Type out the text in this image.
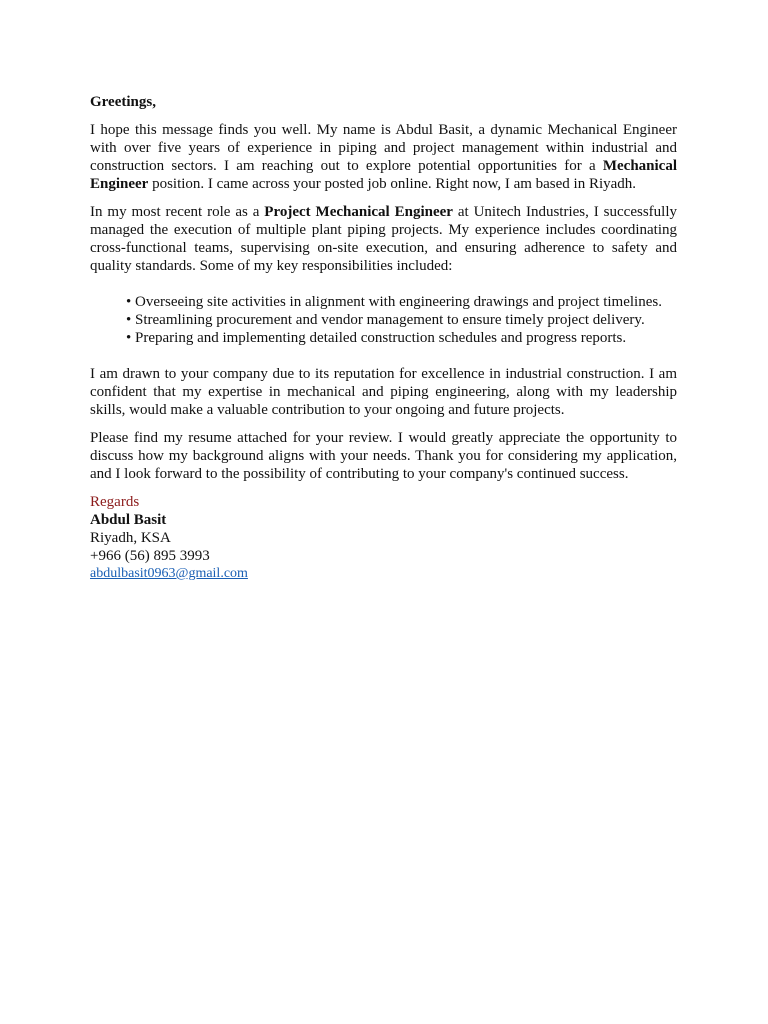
Greetings,

I hope this message finds you well. My name is Abdul Basit, a dynamic Mechanical Engineer with over five years of experience in piping and project management within industrial and construction sectors. I am reaching out to explore potential opportunities for a Mechanical Engineer position. I came across your posted job online. Right now, I am based in Riyadh.

In my most recent role as a Project Mechanical Engineer at Unitech Industries, I successfully managed the execution of multiple plant piping projects. My experience includes coordinating cross-functional teams, supervising on-site execution, and ensuring adherence to safety and quality standards. Some of my key responsibilities included:

• Overseeing site activities in alignment with engineering drawings and project timelines.
• Streamlining procurement and vendor management to ensure timely project delivery.
• Preparing and implementing detailed construction schedules and progress reports.

I am drawn to your company due to its reputation for excellence in industrial construction. I am confident that my expertise in mechanical and piping engineering, along with my leadership skills, would make a valuable contribution to your ongoing and future projects.

Please find my resume attached for your review. I would greatly appreciate the opportunity to discuss how my background aligns with your needs. Thank you for considering my application, and I look forward to the possibility of contributing to your company's continued success.

Regards
Abdul Basit
Riyadh, KSA
+966 (56) 895 3993
abdulbasit0963@gmail.com
